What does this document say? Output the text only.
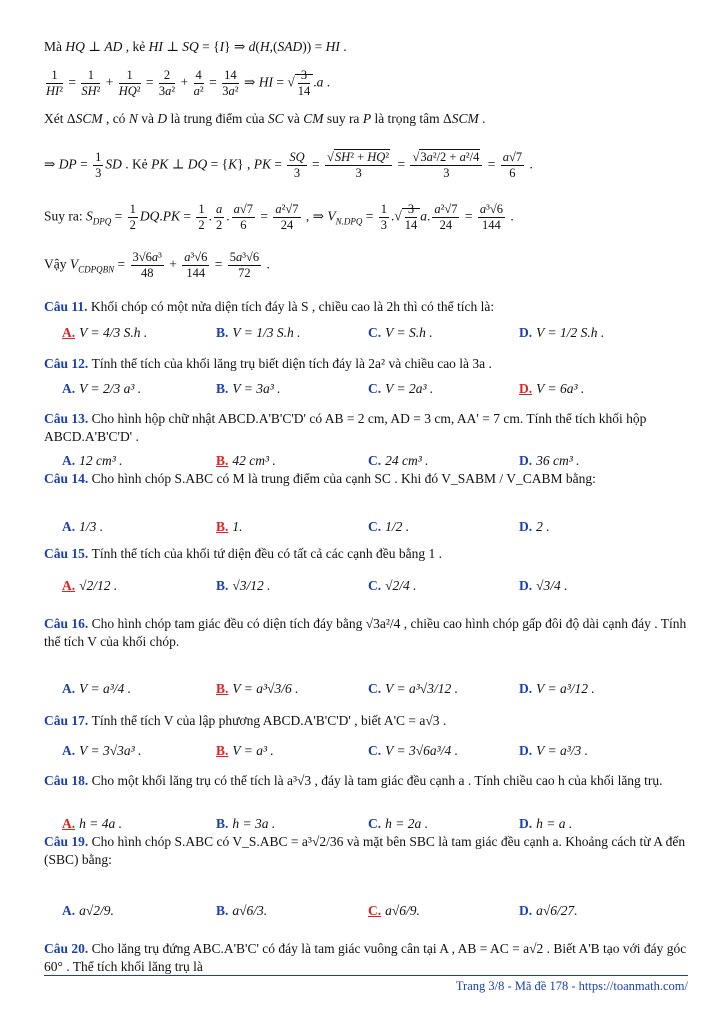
Mà HQ ⊥ AD , kẻ HI ⊥ SQ = {I} ⇒ d(H,(SAD)) = HI .
$\frac{1}{\text{HI²}} = \frac{1}{\text{SH²}} + \frac{1}{\text{HQ²}} = \frac{2}{\text{3a²}} + \frac{4}{\text{a²}} = \frac{14}{\text{3a²}}$ ⇒ HI = √ $\frac{3}{14} .a$ .
Xét ΔSCM , có N và D là trung điểm của SC và CM suy ra P là trọng tâm ΔSCM .
⇒ DP = $\frac{1}{3}$ SD . Kẻ PK ⊥ DQ = {K} , PK = $\frac{SQ}{3} = \frac{\text{√SH² + HQ²}}{3} = \frac{\text{√3a²/2 + a²/4}}{3} = \frac{a√7}{6}$ .
Suy ra: $S_{DPQ} = \frac{1}{2} DQ.PK = \frac{1}{2}$ . $\frac{a}{2}$ . $\frac{a√7}{6} = \frac{\text{a²√7}}{24}$ , ⇒ $V_{N.DPQ} = \frac{1}{3}$ .√ $\frac{3}{14} a$. $\frac{\text{a²√7}}{24} = \frac{\text{a³√6}}{144}$ .
Vậy $V_{CDPQBN} = \frac{\text{3√6a³}}{48} + \frac{\text{a³√6}}{144} = \frac{\text{5a³√6}}{72}$ .
Trang 3/8 - Mã đề 178 - https://toanmath.com/
Câu 11. Khối chóp có một nửa diện tích đáy là S , chiều cao là 2h thì có thể tích là:
A. V = 4/3 S.h .	B. V = 1/3 S.h .	C. V = S.h .	D. V = 1/2 S.h .
Câu 12. Tính thể tích của khối lăng trụ biết diện tích đáy là 2a² và chiều cao là 3a .
A. V = 2/3 a³ .	B. V = 3a³ .	C. V = 2a³ .	D. V = 6a³ .
Câu 13. Cho hình hộp chữ nhật ABCD.A'B'C'D' có AB = 2 cm, AD = 3 cm, AA' = 7 cm. Tính thể tích khối hộp ABCD.A'B'C'D' .
A. 12 cm³ .	B. 42 cm³ .	C. 24 cm³ .	D. 36 cm³ .
Câu 14. Cho hình chóp S.ABC có M là trung điểm của cạnh SC . Khi đó V_SABM / V_CABM bằng:
A. 1/3 .	B. 1.	C. 1/2 .	D. 2 .
Câu 15. Tính thể tích của khối tứ diện đều có tất cả các cạnh đều bằng 1 .
A. √2/12 .	B. √3/12 .	C. √2/4 .	D. √3/4 .
Câu 16. Cho hình chóp tam giác đều có diện tích đáy bằng √3a²/4 , chiều cao hình chóp gấp đôi độ dài cạnh đáy . Tính thể tích V của khối chóp.
A. V = a³/4 .	B. V = a³√3/6 .	C. V = a³√3/12 .	D. V = a³/12 .
Câu 17. Tính thể tích V của lập phương ABCD.A'B'C'D' , biết A'C = a√3 .
A. V = 3√3a³ .	B. V = a³ .	C. V = 3√6a³/4 .	D. V = a³/3 .
Câu 18. Cho một khối lăng trụ có thể tích là a³√3 , đáy là tam giác đều cạnh a . Tính chiều cao h của khối lăng trụ.
A. h = 4a .	B. h = 3a .	C. h = 2a .	D. h = a .
Câu 19. Cho hình chóp S.ABC có V_S.ABC = a³√2/36 và mặt bên SBC là tam giác đều cạnh a. Khoảng cách từ A đến (SBC) bằng:
A. a√2/9.	B. a√6/3.	C. a√6/9.	D. a√6/27.
Câu 20. Cho lăng trụ đứng ABC.A'B'C' có đáy là tam giác vuông cân tại A , AB = AC = a√2 . Biết A'B tạo với đáy góc 60° . Thể tích khối lăng trụ là
